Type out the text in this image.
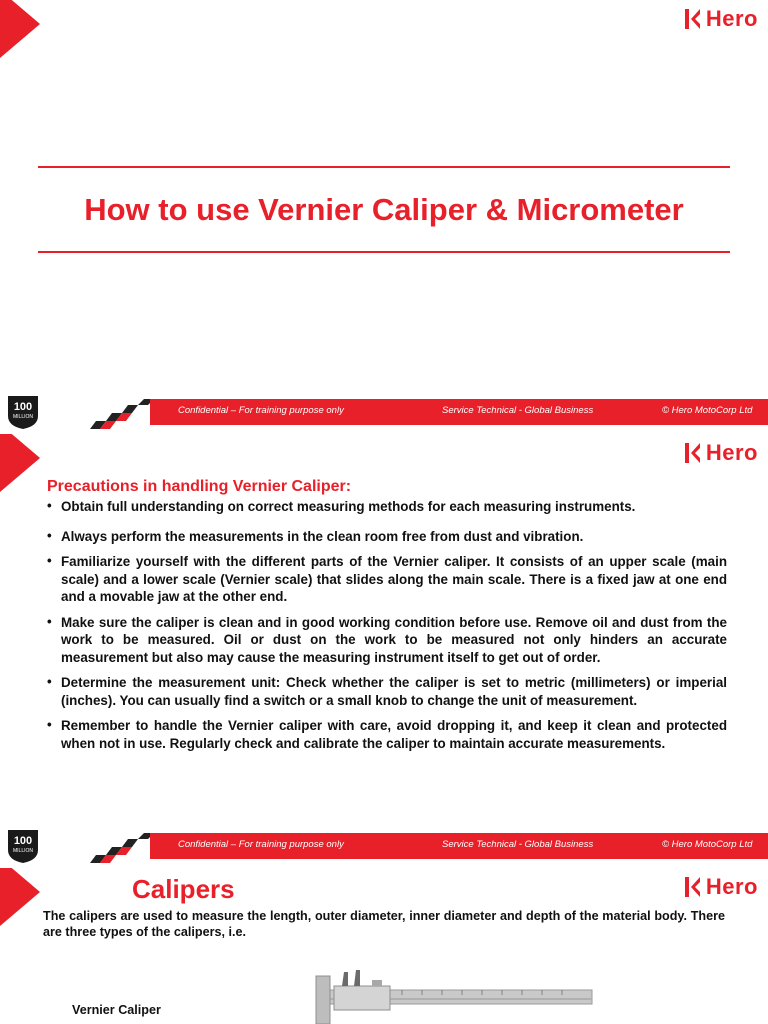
Hero
How to use Vernier Caliper & Micrometer
100
MILLION
Confidential – For training purpose only	Service Technical - Global Business	© Hero MotoCorp Ltd
Hero
Precautions in handling Vernier Caliper:
• Obtain full understanding on correct measuring methods for each measuring instruments.
• Always perform the measurements in the clean room free from dust and vibration.
• Familiarize yourself with the different parts of the Vernier caliper. It consists of an upper scale (main scale) and a lower scale (Vernier scale) that slides along the main scale. There is a fixed jaw at one end and a movable jaw at the other end.
• Make sure the caliper is clean and in good working condition before use. Remove oil and dust from the work to be measured. Oil or dust on the work to be measured not only hinders an accurate measurement but also may cause the measuring instrument itself to get out of order.
• Determine the measurement unit: Check whether the caliper is set to metric (millimeters) or imperial (inches). You can usually find a switch or a small knob to change the unit of measurement.
• Remember to handle the Vernier caliper with care, avoid dropping it, and keep it clean and protected when not in use. Regularly check and calibrate the caliper to maintain accurate measurements.
100
MILLION
Confidential – For training purpose only	Service Technical - Global Business	© Hero MotoCorp Ltd
Hero
Calipers

The calipers are used to measure the length, outer diameter, inner diameter and depth of the material body. There are three types of the calipers, i.e.

Vernier Caliper
